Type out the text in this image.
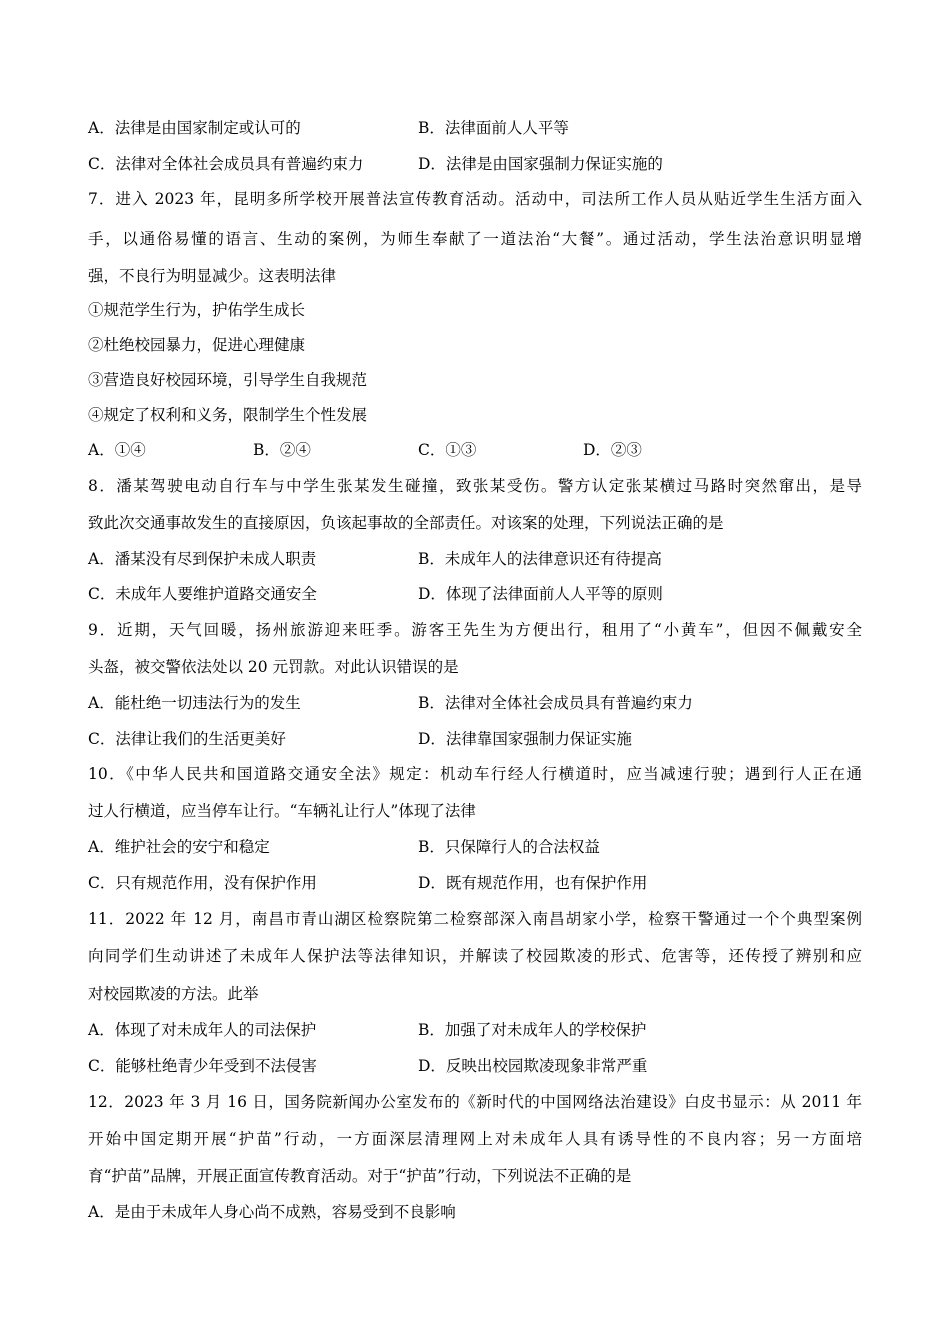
A．法律是由国家制定或认可的	B．法律面前人人平等
C．法律对全体社会成员具有普遍约束力	D．法律是由国家强制力保证实施的
7．进入 2023 年，昆明多所学校开展普法宣传教育活动。活动中，司法所工作人员从贴近学生生活方面入
手，以通俗易懂的语言、生动的案例，为师生奉献了一道法治“大餐”。通过活动，学生法治意识明显增
强，不良行为明显减少。这表明法律
①规范学生行为，护佑学生成长
②杜绝校园暴力，促进心理健康
③营造良好校园环境，引导学生自我规范
④规定了权利和义务，限制学生个性发展
A．①④	B．②④	C．①③	D．②③
8．潘某驾驶电动自行车与中学生张某发生碰撞，致张某受伤。警方认定张某横过马路时突然窜出，是导
致此次交通事故发生的直接原因，负该起事故的全部责任。对该案的处理，下列说法正确的是
A．潘某没有尽到保护未成人职责	B．未成年人的法律意识还有待提高
C．未成年人要维护道路交通安全	D．体现了法律面前人人平等的原则
9．近期，天气回暖，扬州旅游迎来旺季。游客王先生为方便出行，租用了“小黄车”，但因不佩戴安全
头盔，被交警依法处以 20 元罚款。对此认识错误的是
A．能杜绝一切违法行为的发生	B．法律对全体社会成员具有普遍约束力
C．法律让我们的生活更美好	D．法律靠国家强制力保证实施
10．《中华人民共和国道路交通安全法》规定：机动车行经人行横道时，应当减速行驶；遇到行人正在通
过人行横道，应当停车让行。“车辆礼让行人”体现了法律
A．维护社会的安宁和稳定	B．只保障行人的合法权益
C．只有规范作用，没有保护作用	D．既有规范作用，也有保护作用
11．2022 年 12 月，南昌市青山湖区检察院第二检察部深入南昌胡家小学，检察干警通过一个个典型案例
向同学们生动讲述了未成年人保护法等法律知识，并解读了校园欺凌的形式、危害等，还传授了辨别和应
对校园欺凌的方法。此举
A．体现了对未成年人的司法保护	B．加强了对未成年人的学校保护
C．能够杜绝青少年受到不法侵害	D．反映出校园欺凌现象非常严重
12．2023 年 3 月 16 日，国务院新闻办公室发布的《新时代的中国网络法治建设》白皮书显示：从 2011 年
开始中国定期开展“护苗”行动，一方面深层清理网上对未成年人具有诱导性的不良内容；另一方面培
育“护苗”品牌，开展正面宣传教育活动。对于“护苗”行动，下列说法不正确的是
A．是由于未成年人身心尚不成熟，容易受到不良影响
